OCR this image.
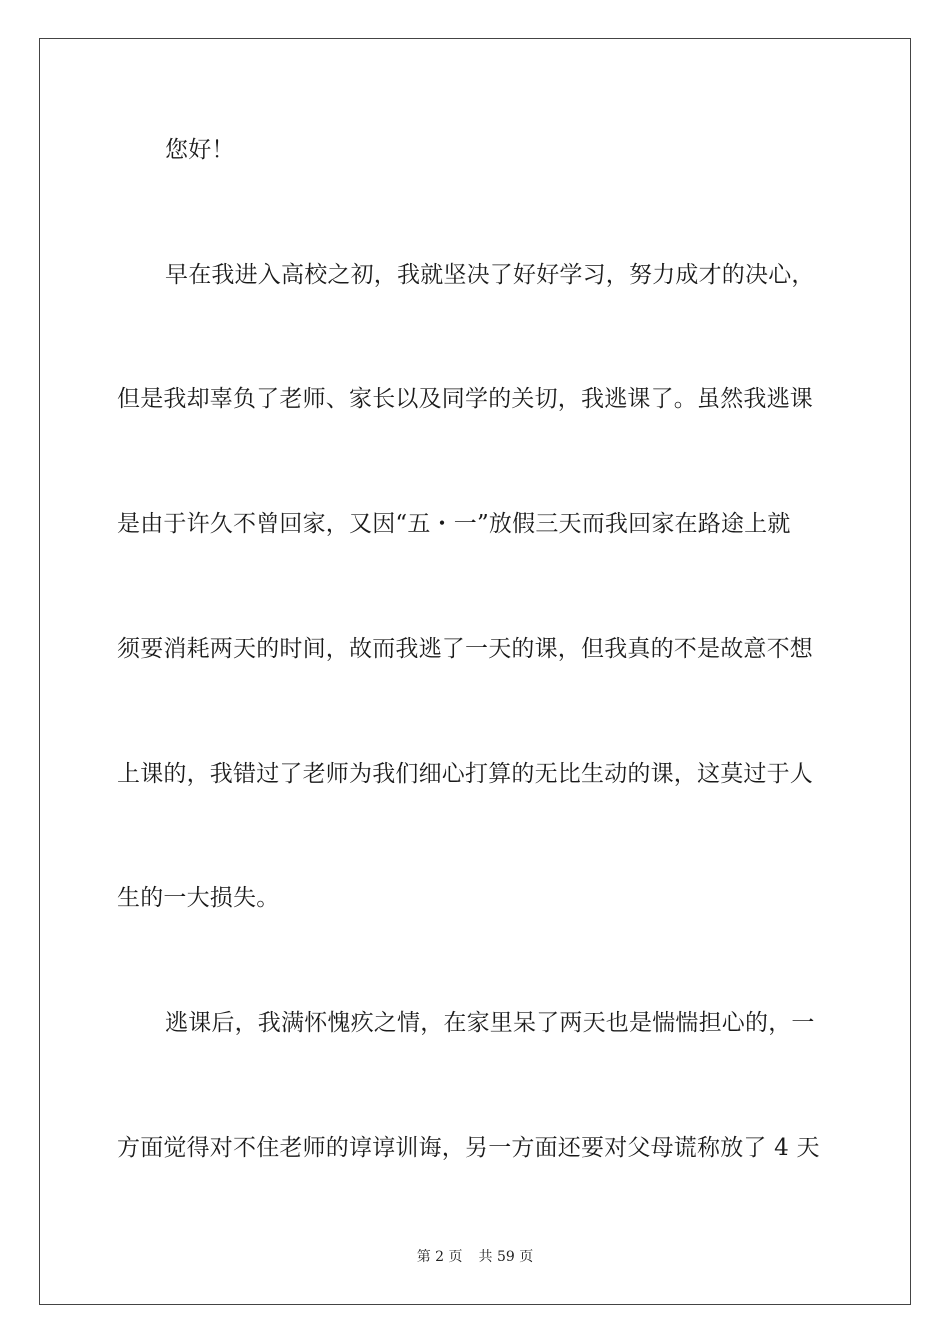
您好！
早在我进入高校之初，我就坚决了好好学习，努力成才的决心，
但是我却辜负了老师、家长以及同学的关切，我逃课了。虽然我逃课
是由于许久不曾回家，又因“五・一”放假三天而我回家在路途上就
须要消耗两天的时间，故而我逃了一天的课，但我真的不是故意不想
上课的，我错过了老师为我们细心打算的无比生动的课，这莫过于人
生的一大损失。
逃课后，我满怀愧疚之情，在家里呆了两天也是惴惴担心的，一
方面觉得对不住老师的谆谆训诲，另一方面还要对父母谎称放了 4 天
第 2 页 共 59 页
